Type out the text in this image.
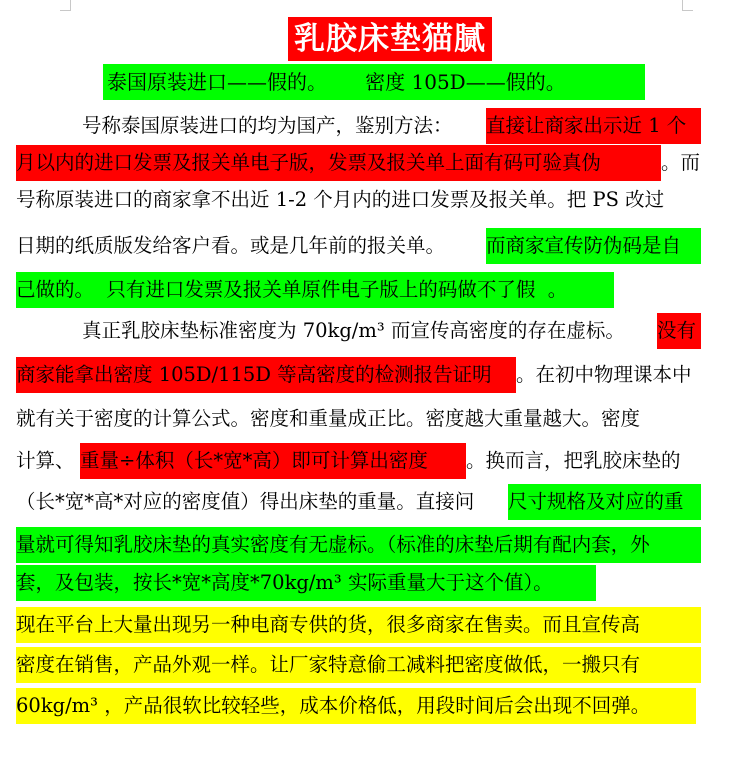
乳胶床垫猫腻
泰国原装进口——假的。      密度 105D——假的。

号称泰国原装进口的均为国产，鉴别方法：

直接让商家出示近 1 个

月以内的进口发票及报关单电子版，发票及报关单上面有码可验真伪

	。而

号称原装进口的商家拿不出近 1-2 个月内的进口发票及报关单。把 PS 改过

日期的纸质版发给客户看。或是几年前的报关单。

而商家宣传防伪码是自

己做的。  只有进口发票及报关单原件电子版上的码做不了假  。

真正乳胶床垫标准密度为 70kg/m³ 而宣传高密度的存在虚标。

没有

商家能拿出密度 105D/115D 等高密度的检测报告证明

	。在初中物理课本中

就有关于密度的计算公式。密度和重量成正比。密度越大重量越大。密度

计算、

重量÷体积（长*宽*高）即可计算出密度

	。换而言，把乳胶床垫的

（长*宽*高*对应的密度值）得出床垫的重量。直接问

尺寸规格及对应的重

量就可得知乳胶床垫的真实密度有无虚标。（标准的床垫后期有配内套，外

套，及包装，按长*宽*高度*70kg/m³ 实际重量大于这个值）。

现在平台上大量出现另一种电商专供的货，很多商家在售卖。而且宣传高

密度在销售，产品外观一样。让厂家特意偷工减料把密度做低，一搬只有

60kg/m³ ，产品很软比较轻些，成本价格低，用段时间后会出现不回弹。
